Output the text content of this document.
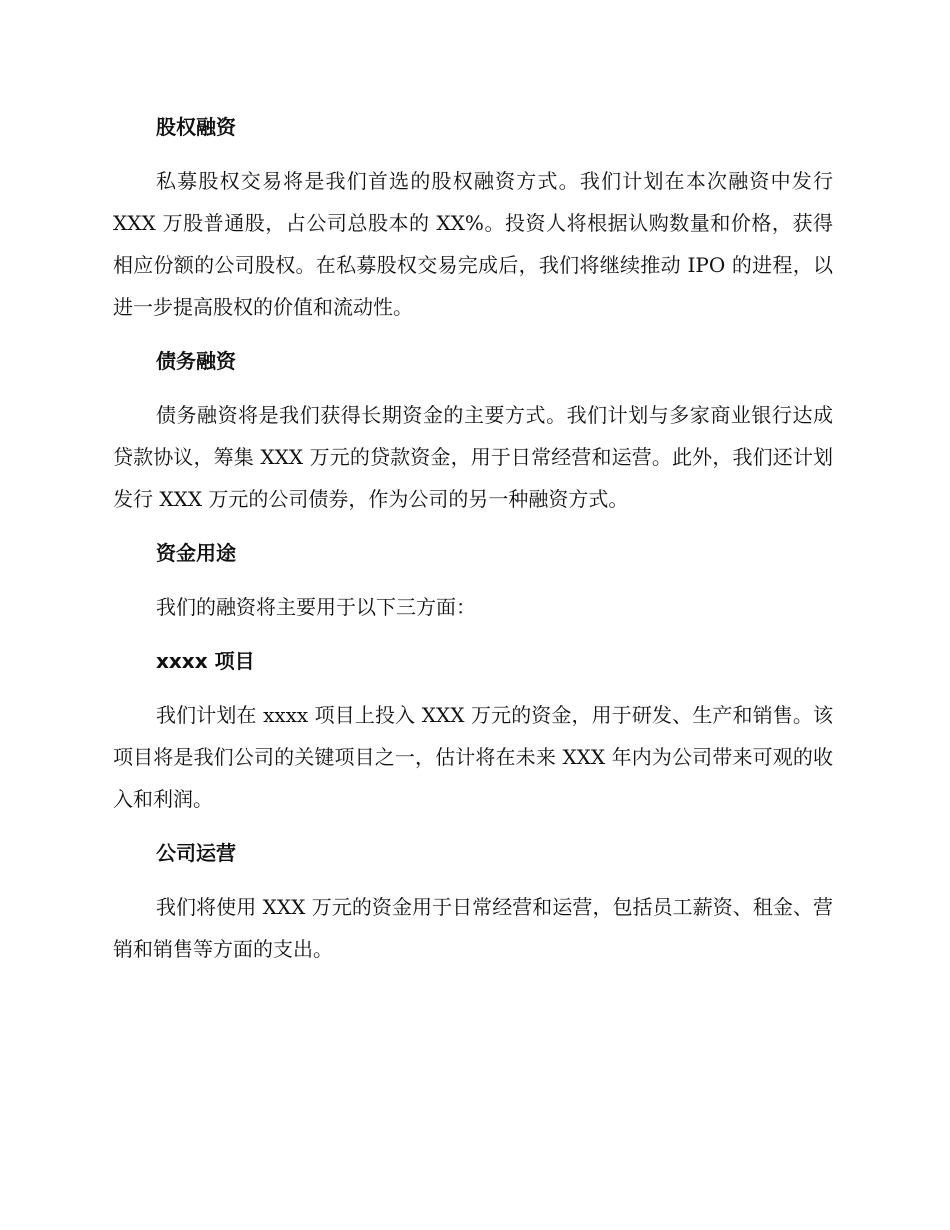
股权融资

私募股权交易将是我们首选的股权融资方式。我们计划在本次融资中发行 XXX 万股普通股，占公司总股本的 XX%。投资人将根据认购数量和价格，获得相应份额的公司股权。在私募股权交易完成后，我们将继续推动 IPO 的进程，以进一步提高股权的价值和流动性。

债务融资

债务融资将是我们获得长期资金的主要方式。我们计划与多家商业银行达成贷款协议，筹集 XXX 万元的贷款资金，用于日常经营和运营。此外，我们还计划发行 XXX 万元的公司债券，作为公司的另一种融资方式。

资金用途

我们的融资将主要用于以下三方面：

xxxx 项目

我们计划在 xxxx 项目上投入 XXX 万元的资金，用于研发、生产和销售。该项目将是我们公司的关键项目之一，估计将在未来 XXX 年内为公司带来可观的收入和利润。

公司运营

我们将使用 XXX 万元的资金用于日常经营和运营，包括员工薪资、租金、营销和销售等方面的支出。
